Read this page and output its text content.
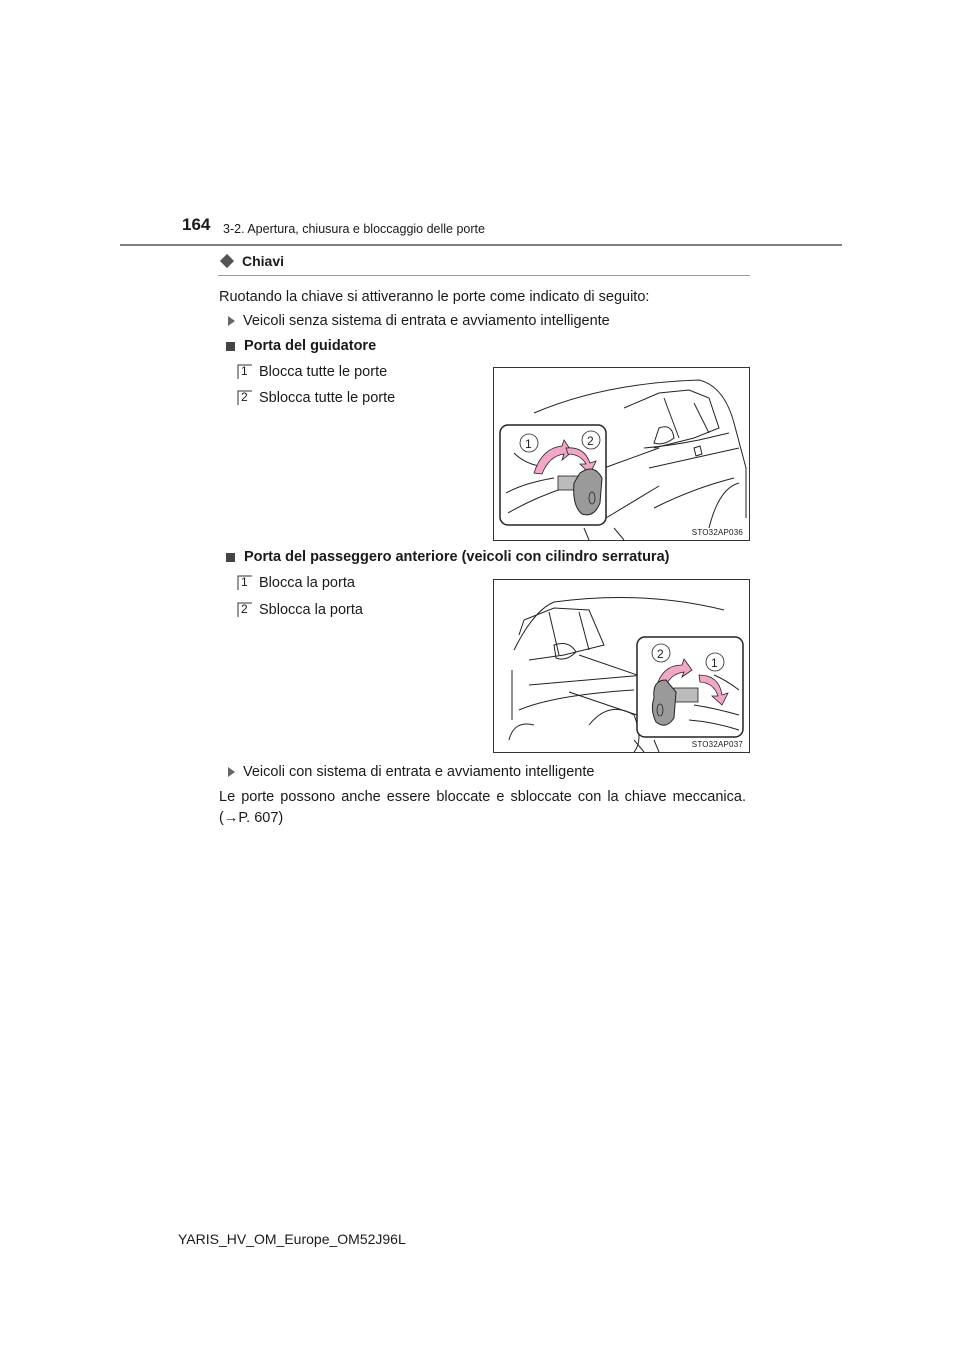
164 3-2. Apertura, chiusura e bloccaggio delle porte
Chiavi
Ruotando la chiave si attiveranno le porte come indicato di seguito:
Veicoli senza sistema di entrata e avviamento intelligente
Porta del guidatore
1 Blocca tutte le porte
2 Sblocca tutte le porte
1	2
STO32AP036
Porta del passeggero anteriore (veicoli con cilindro serratura)
1 Blocca la porta
2 Sblocca la porta
2
1
STO32AP037
Veicoli con sistema di entrata e avviamento intelligente
Le porte possono anche essere bloccate e sbloccate con la chiave meccanica. (→P. 607)
YARIS_HV_OM_Europe_OM52J96L
